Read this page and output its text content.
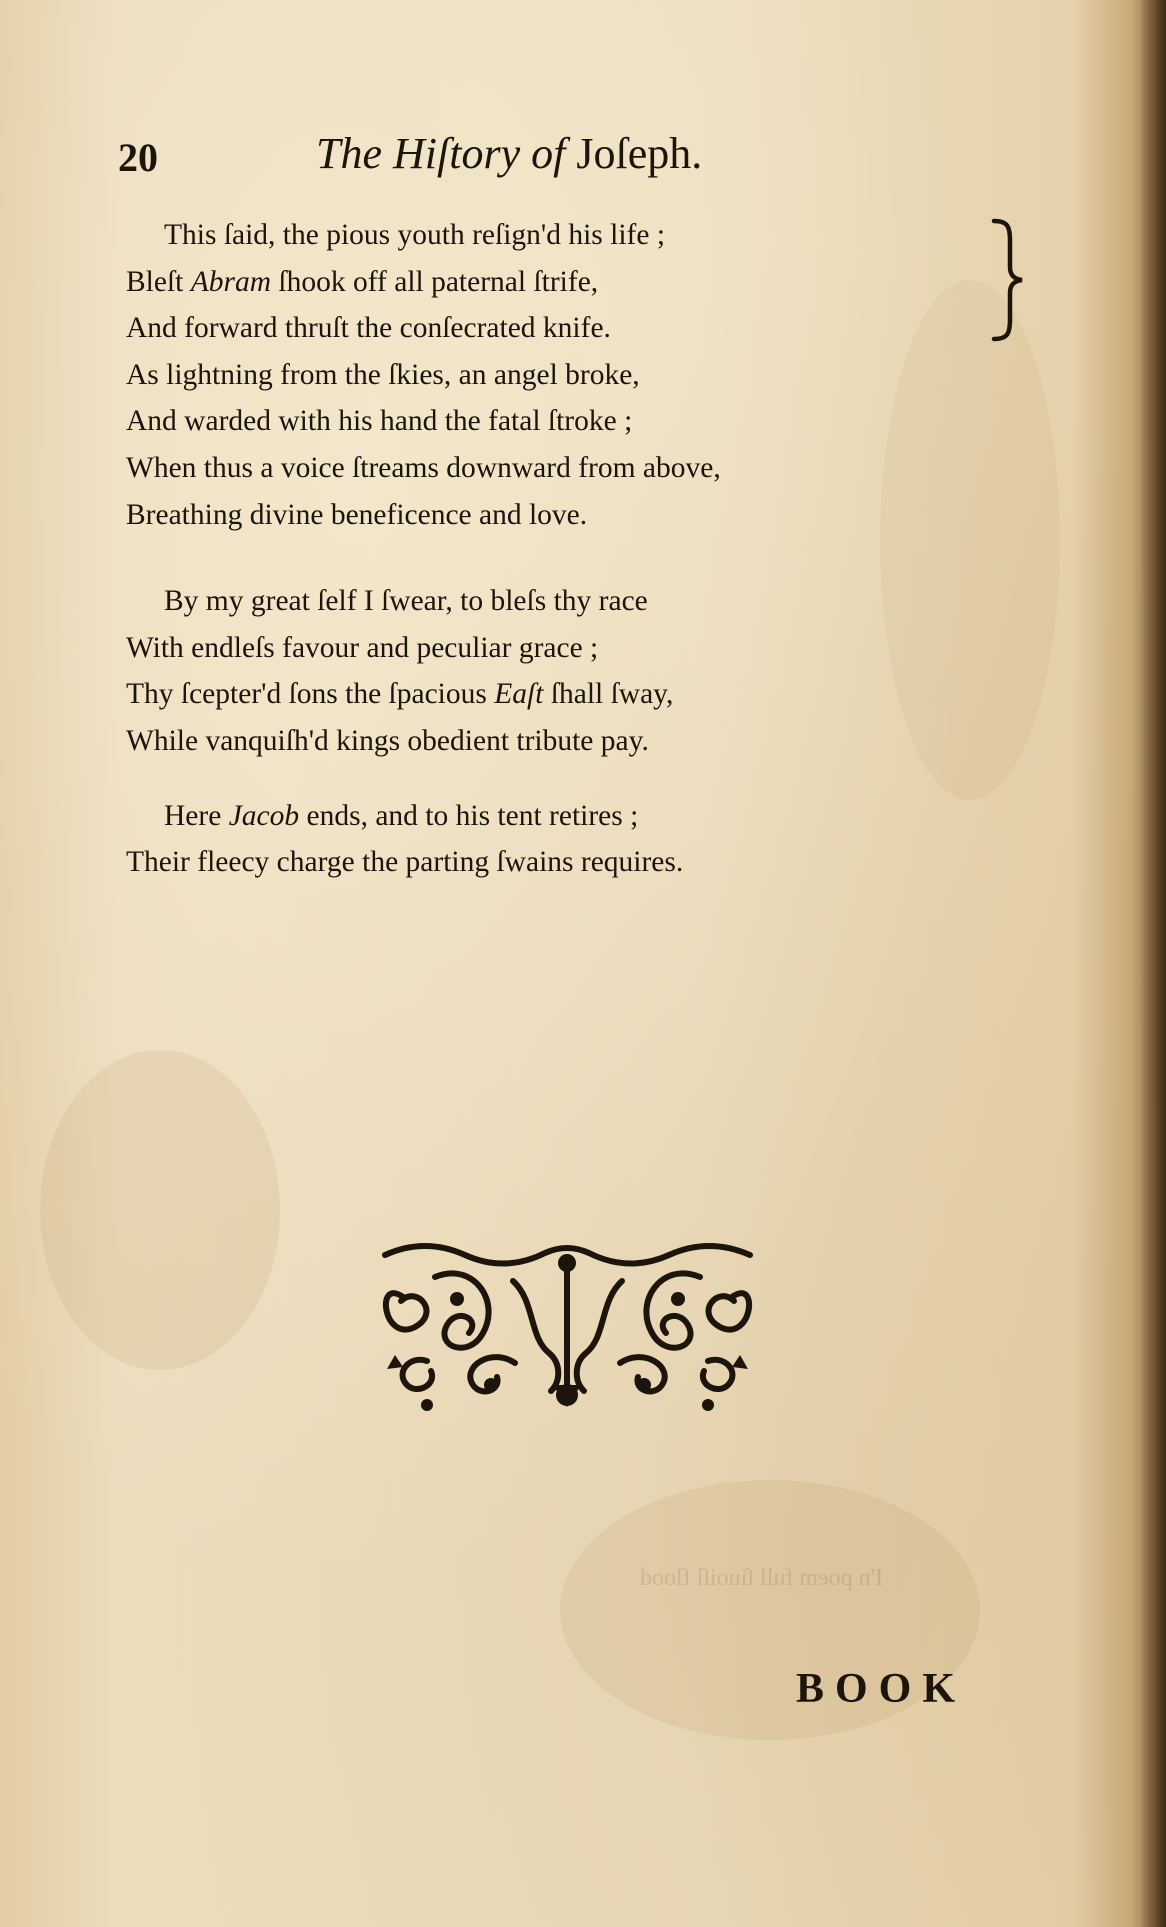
I'n poem full ſiuoiſl flood
20	The Hiſtory of Joſeph.
This ſaid, the pious youth reſign'd his life ;
Bleſt Abram ſhook off all paternal ſtrife,
And forward thruſt the conſecrated knife.
As lightning from the ſkies, an angel broke,
And warded with his hand the fatal ſtroke ;
When thus a voice ſtreams downward from above,
Breathing divine beneficence and love.
By my great ſelf I ſwear, to bleſs thy race
With endleſs favour and peculiar grace ;
Thy ſcepter'd ſons the ſpacious Eaſt ſhall ſway,
While vanquiſh'd kings obedient tribute pay.
Here Jacob ends, and to his tent retires ;
Their fleecy charge the parting ſwains requires.
BOOK
